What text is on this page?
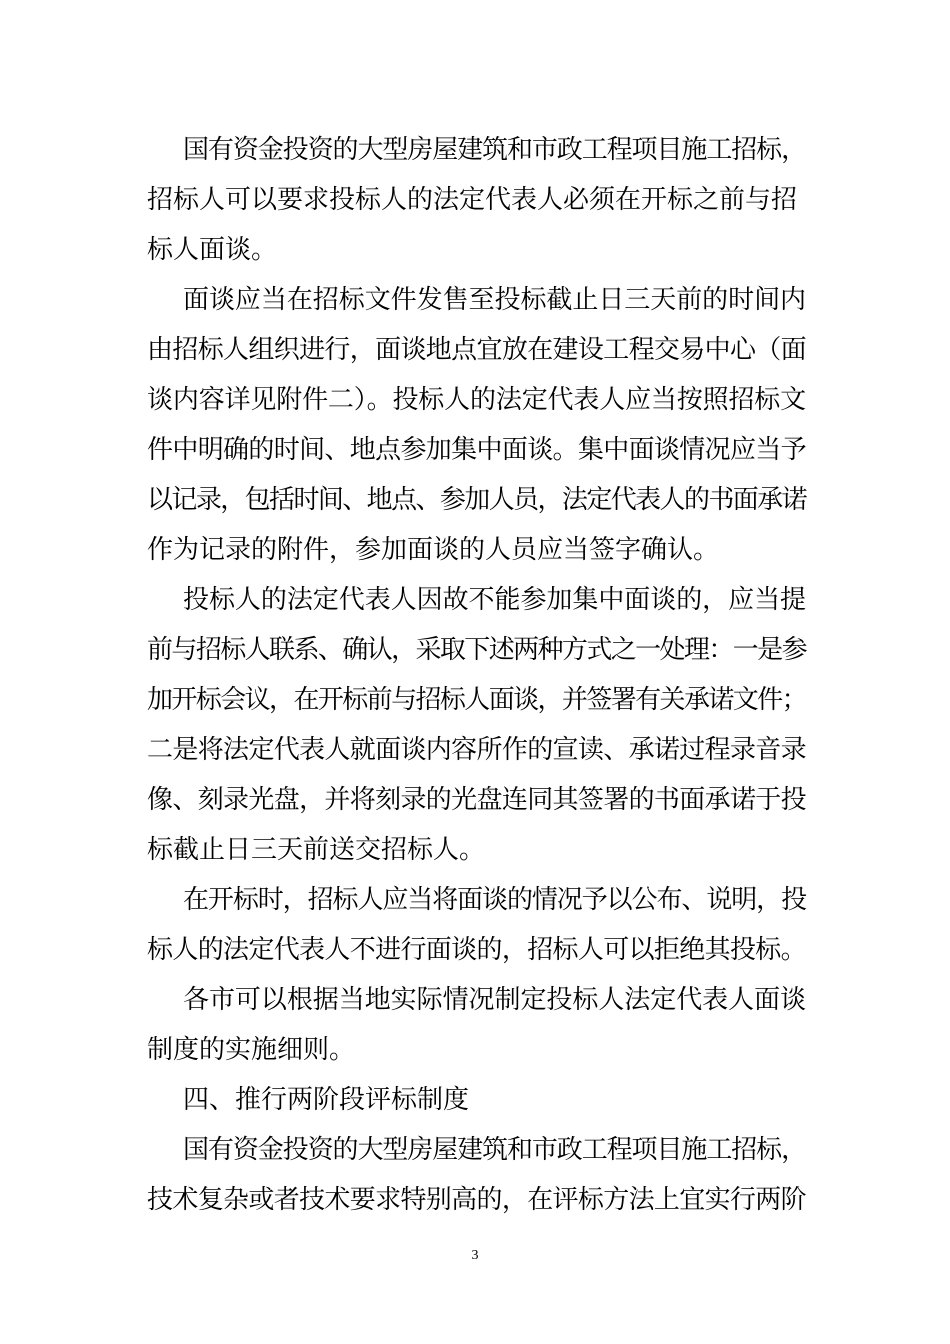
国有资金投资的大型房屋建筑和市政工程项目施工招标，

招标人可以要求投标人的法定代表人必须在开标之前与招

标人面谈。

面谈应当在招标文件发售至投标截止日三天前的时间内

由招标人组织进行，面谈地点宜放在建设工程交易中心（面

谈内容详见附件二）。投标人的法定代表人应当按照招标文

件中明确的时间、地点参加集中面谈。集中面谈情况应当予

以记录，包括时间、地点、参加人员，法定代表人的书面承诺

作为记录的附件，参加面谈的人员应当签字确认。

投标人的法定代表人因故不能参加集中面谈的，应当提

前与招标人联系、确认，采取下述两种方式之一处理：一是参

加开标会议，在开标前与招标人面谈，并签署有关承诺文件；

二是将法定代表人就面谈内容所作的宣读、承诺过程录音录

像、刻录光盘，并将刻录的光盘连同其签署的书面承诺于投

标截止日三天前送交招标人。

在开标时，招标人应当将面谈的情况予以公布、说明，投

标人的法定代表人不进行面谈的，招标人可以拒绝其投标。

各市可以根据当地实际情况制定投标人法定代表人面谈

制度的实施细则。

四、推行两阶段评标制度

国有资金投资的大型房屋建筑和市政工程项目施工招标，

技术复杂或者技术要求特别高的，在评标方法上宜实行两阶

3
